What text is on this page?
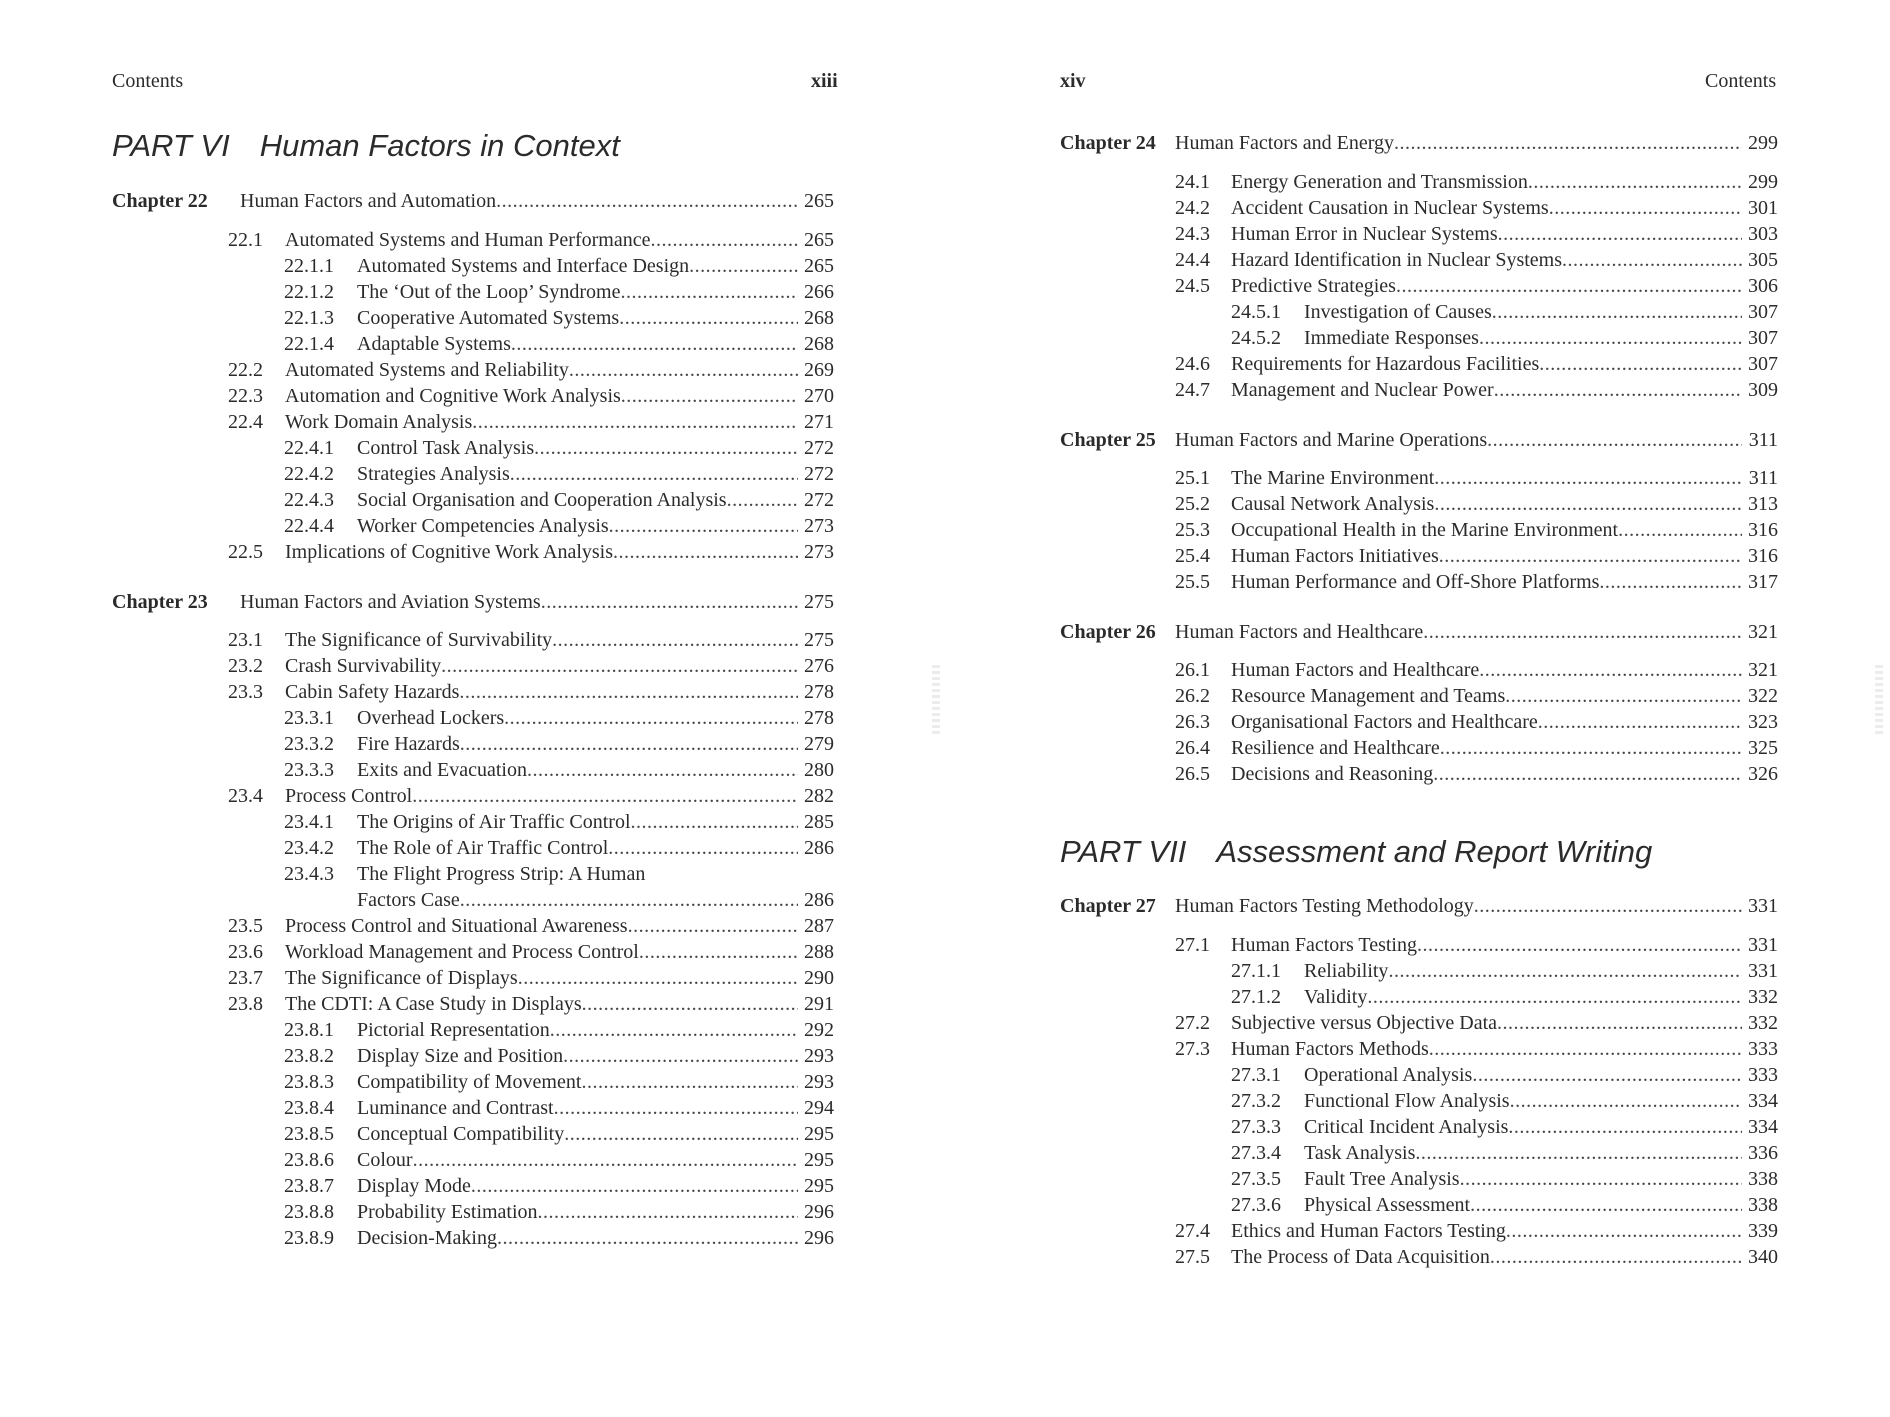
Contents	xiii
PART VI Human Factors in Context
Chapter 22	Human Factors and Automation .....	265
22.1	Automated Systems and Human Performance .....	265
22.1.1	Automated Systems and Interface Design .....	265
22.1.2	The ‘Out of the Loop’ Syndrome .....	266
22.1.3	Cooperative Automated Systems .....	268
22.1.4	Adaptable Systems .....	268
22.2	Automated Systems and Reliability .....	269
22.3	Automation and Cognitive Work Analysis .....	270
22.4	Work Domain Analysis .....	271
22.4.1	Control Task Analysis .....	272
22.4.2	Strategies Analysis .....	272
22.4.3	Social Organisation and Cooperation Analysis .....	272
22.4.4	Worker Competencies Analysis .....	273
22.5	Implications of Cognitive Work Analysis .....	273
Chapter 23	Human Factors and Aviation Systems .....	275
23.1	The Significance of Survivability .....	275
23.2	Crash Survivability .....	276
23.3	Cabin Safety Hazards .....	278
23.3.1	Overhead Lockers .....	278
23.3.2	Fire Hazards .....	279
23.3.3	Exits and Evacuation .....	280
23.4	Process Control .....	282
23.4.1	The Origins of Air Traffic Control .....	285
23.4.2	The Role of Air Traffic Control .....	286
23.4.3 The Flight Progress Strip: A Human
Factors Case .....	286
23.5	Process Control and Situational Awareness .....	287
23.6	Workload Management and Process Control .....	288
23.7	The Significance of Displays .....	290
23.8	The CDTI: A Case Study in Displays .....	291
23.8.1	Pictorial Representation .....	292
23.8.2	Display Size and Position .....	293
23.8.3	Compatibility of Movement .....	293
23.8.4	Luminance and Contrast .....	294
23.8.5	Conceptual Compatibility .....	295
23.8.6	Colour .....	295
23.8.7	Display Mode .....	295
23.8.8	Probability Estimation .....	296
23.8.9	Decision-Making .....	296
xiv	Contents
Chapter 24 Human Factors and Energy .....	299
24.1	Energy Generation and Transmission .....	299
24.2	Accident Causation in Nuclear Systems .....	301
24.3	Human Error in Nuclear Systems .....	303
24.4	Hazard Identification in Nuclear Systems .....	305
24.5	Predictive Strategies .....	306
24.5.1	Investigation of Causes .....	307
24.5.2	Immediate Responses .....	307
24.6	Requirements for Hazardous Facilities .....	307
24.7	Management and Nuclear Power .....	309
Chapter 25 Human Factors and Marine Operations .....	311
25.1	The Marine Environment .....	311
25.2	Causal Network Analysis .....	313
25.3	Occupational Health in the Marine Environment .....	316
25.4	Human Factors Initiatives .....	316
25.5	Human Performance and Off-Shore Platforms .....	317
Chapter 26 Human Factors and Healthcare .....	321
26.1	Human Factors and Healthcare .....	321
26.2	Resource Management and Teams .....	322
26.3	Organisational Factors and Healthcare .....	323
26.4	Resilience and Healthcare .....	325
26.5	Decisions and Reasoning .....	326
PART VII Assessment and Report Writing
Chapter 27 Human Factors Testing Methodology .....	331
27.1	Human Factors Testing .....	331
27.1.1	Reliability .....	331
27.1.2	Validity .....	332
27.2	Subjective versus Objective Data .....	332
27.3	Human Factors Methods .....	333
27.3.1	Operational Analysis .....	333
27.3.2	Functional Flow Analysis .....	334
27.3.3	Critical Incident Analysis .....	334
27.3.4	Task Analysis .....	336
27.3.5	Fault Tree Analysis .....	338
27.3.6	Physical Assessment .....	338
27.4	Ethics and Human Factors Testing .....	339
27.5	The Process of Data Acquisition .....	340
